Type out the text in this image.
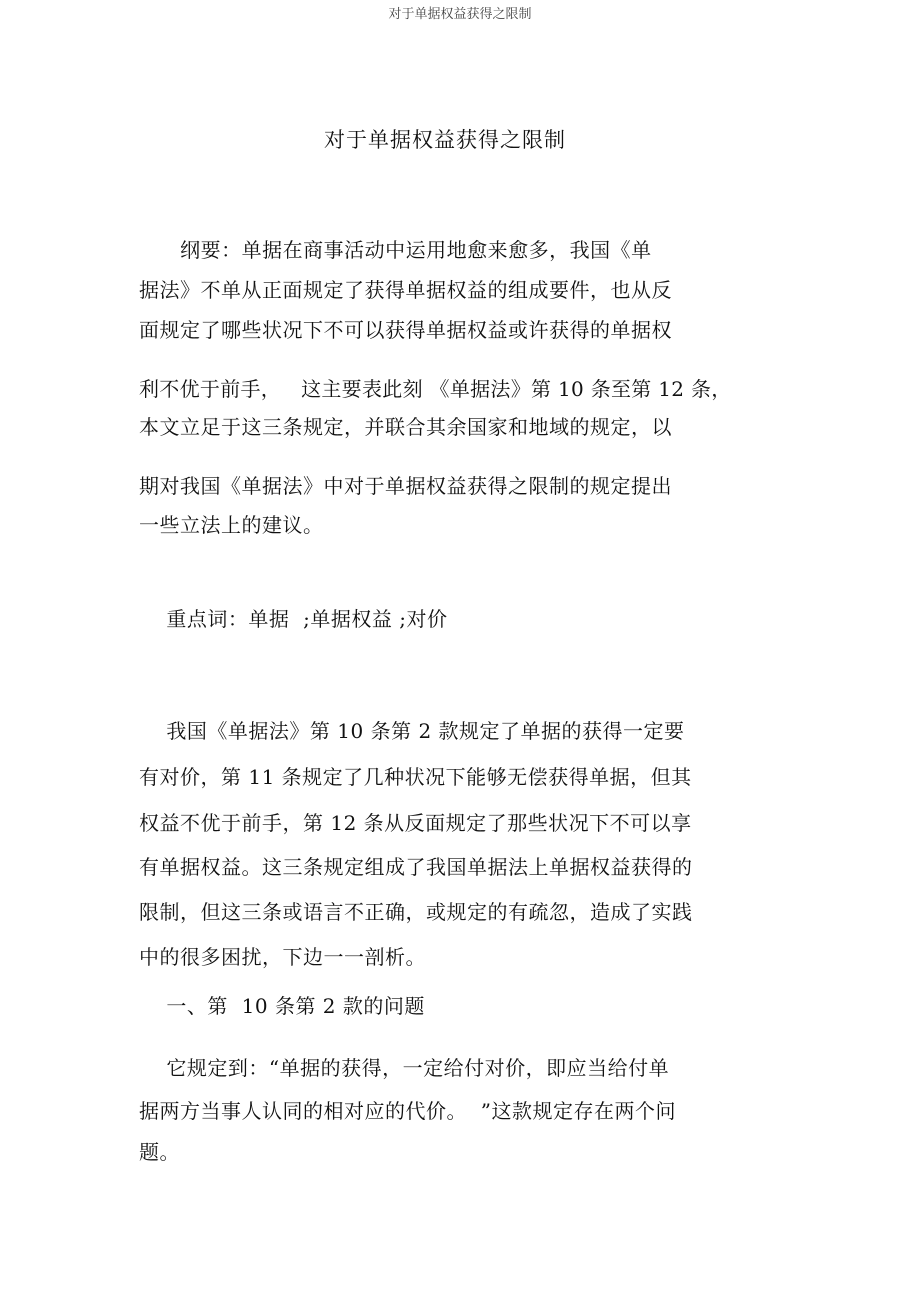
对于单据权益获得之限制
对于单据权益获得之限制
纲要：单据在商事活动中运用地愈来愈多，我国《单
据法》不单从正面规定了获得单据权益的组成要件，也从反
面规定了哪些状况下不可以获得单据权益或许获得的单据权
利不优于前手，   这主要表此刻 《单据法》第 10 条至第 12 条，
本文立足于这三条规定，并联合其余国家和地域的规定，以
期对我国《单据法》中对于单据权益获得之限制的规定提出
一些立法上的建议。
重点词：单据  ;单据权益 ;对价
我国《单据法》第 10 条第 2 款规定了单据的获得一定要
有对价，第 11 条规定了几种状况下能够无偿获得单据，但其
权益不优于前手，第 12 条从反面规定了那些状况下不可以享
有单据权益。这三条规定组成了我国单据法上单据权益获得的
限制，但这三条或语言不正确，或规定的有疏忽，造成了实践
中的很多困扰，下边一一剖析。
一、第  10 条第 2 款的问题
它规定到：“单据的获得，一定给付对价，即应当给付单
据两方当事人认同的相对应的代价。  ”这款规定存在两个问
题。
